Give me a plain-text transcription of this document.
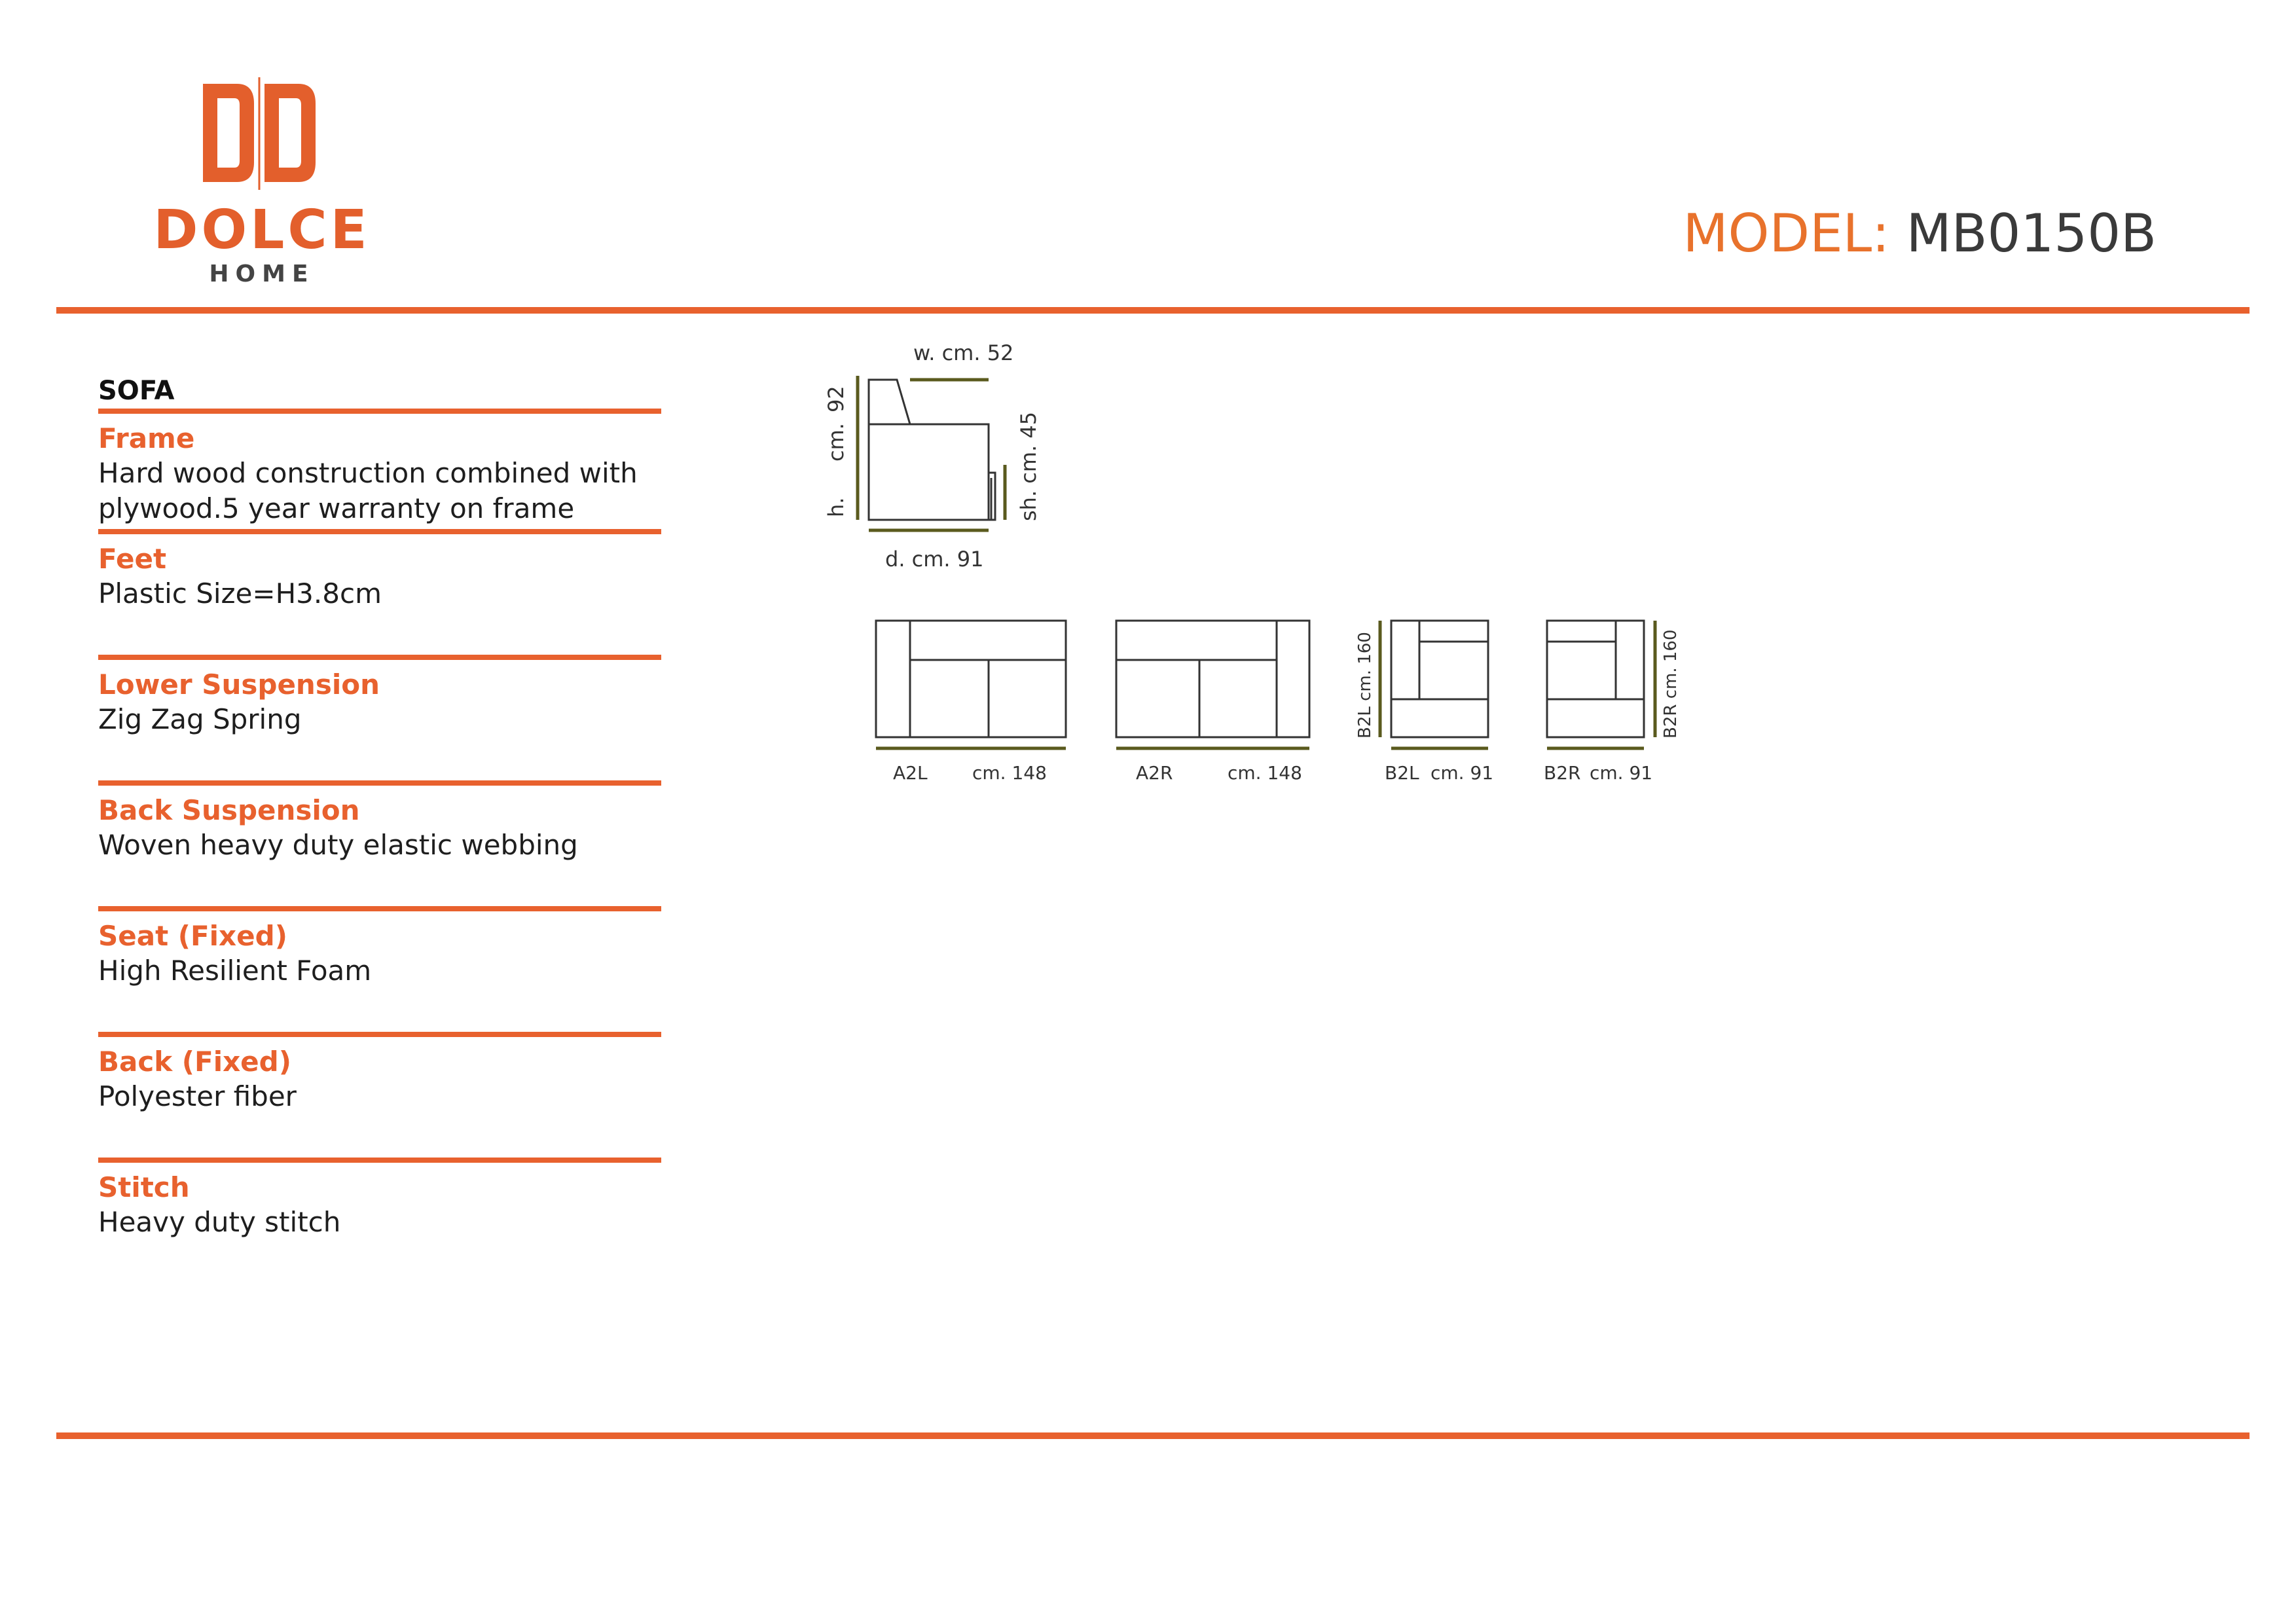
DOLCE
HOME
MODEL: MB0150B
SOFA
Frame
Hard wood construction combined with
plywood.5 year warranty on frame
Feet
Plastic Size=H3.8cm
Lower Suspension
Zig Zag Spring
Back Suspension
Woven heavy duty elastic webbing
Seat (Fixed)
High Resilient Foam
Back (Fixed)
Polyester fiber
Stitch
Heavy duty stitch
w. cm. 52
d. cm. 91
h.
cm.
92
sh. cm. 45
A2L cm. 148	A2R	cm. 148	B2L cm. 91	B2R cm. 91
B2L cm. 160	B2R cm. 160
